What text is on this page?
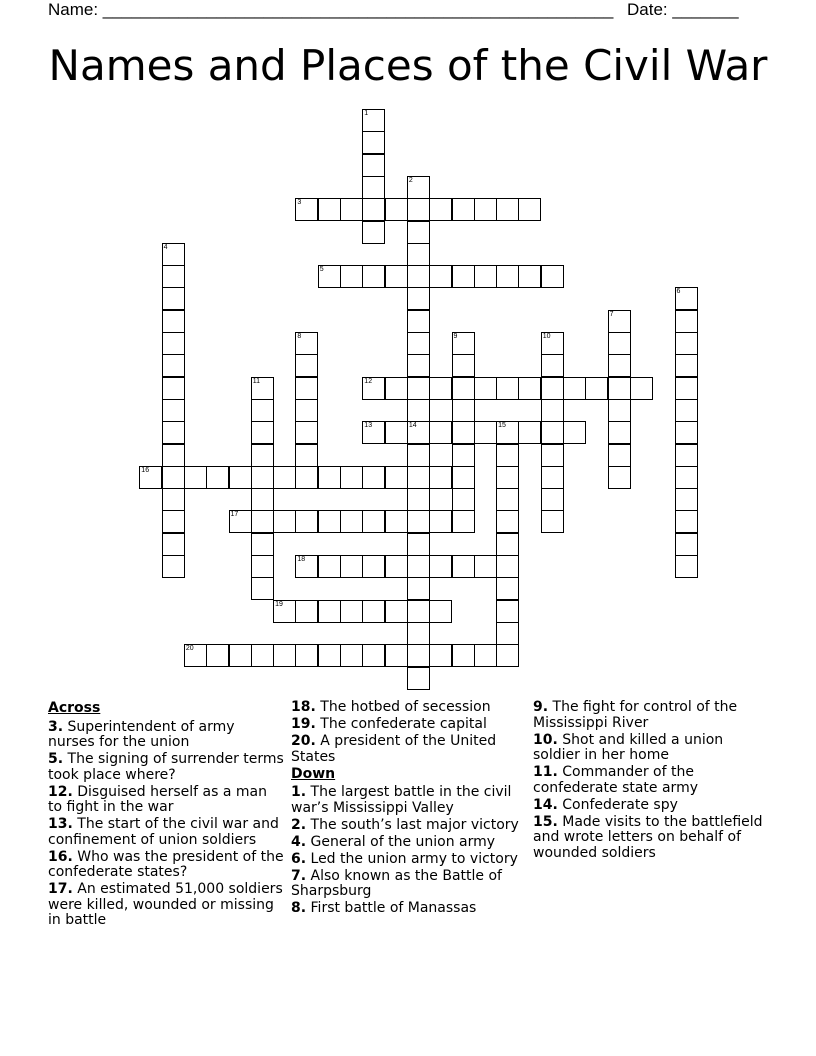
Name: ______________________________________________________ Date: _______
Names and Places of the Civil War
1
2
14
3
4
5
6
7
8	9	10
11	12
13	15
16
17
18
19
20
Across
3. Superintendent of army nurses for the union
5. The signing of surrender terms took place where?
12. Disguised herself as a man to fight in the war
13. The start of the civil war and confinement of union soldiers
16. Who was the president of the confederate states?
17. An estimated 51,000 soldiers were killed, wounded or missing in battle
18. The hotbed of secession
19. The confederate capital
20. A president of the United States
Down
1. The largest battle in the civil war’s Mississippi Valley
2. The south’s last major victory
4. General of the union army
6. Led the union army to victory
7. Also known as the Battle of Sharpsburg
8. First battle of Manassas
9. The fight for control of the Mississippi River
10. Shot and killed a union soldier in her home
11. Commander of the confederate state army
14. Confederate spy
15. Made visits to the battlefield and wrote letters on behalf of wounded soldiers
